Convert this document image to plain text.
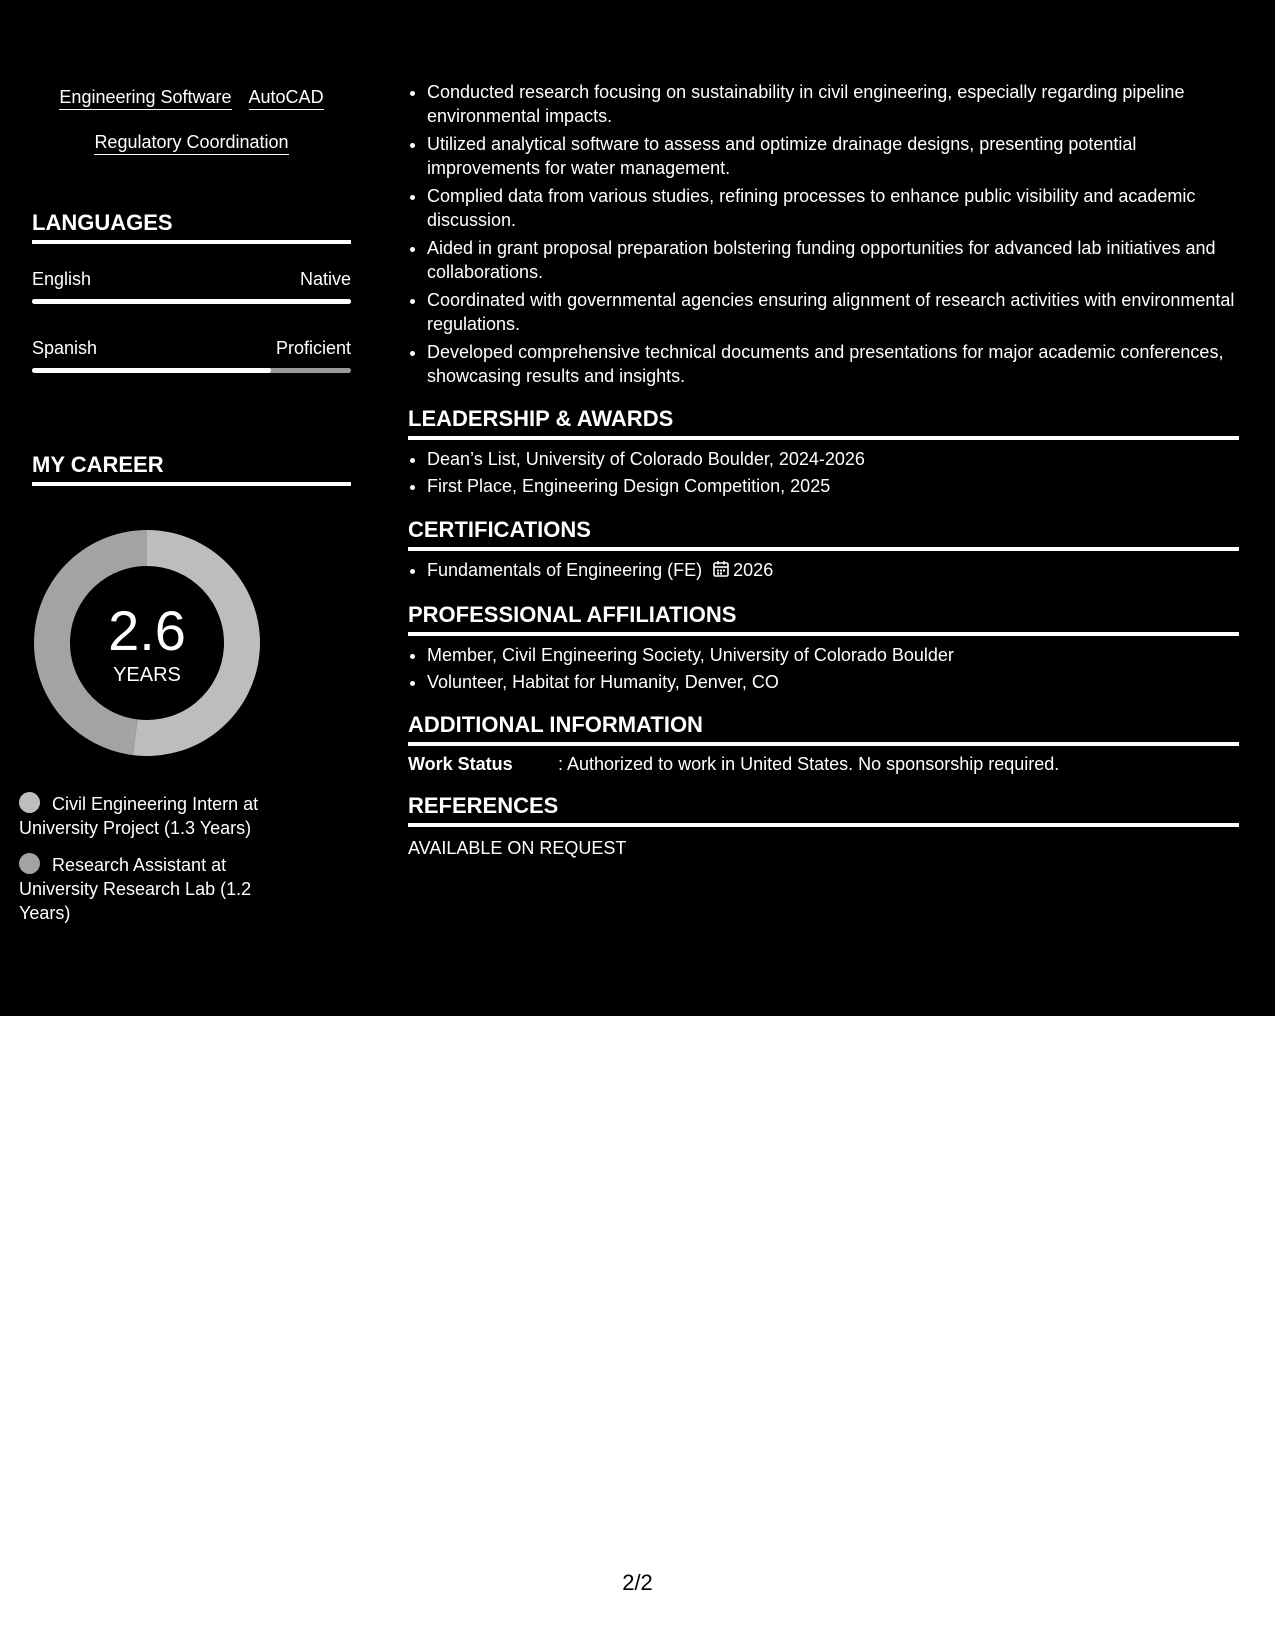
Engineering Software AutoCAD
Regulatory Coordination
LANGUAGES
English	Native
Spanish	Proficient
MY CAREER
2.6
YEARS
Civil Engineering Intern at University Project (1.3 Years)
Research Assistant at University Research Lab (1.2 Years)
• Conducted research focusing on sustainability in civil engineering, especially regarding pipeline environmental impacts.
• Utilized analytical software to assess and optimize drainage designs, presenting potential improvements for water management.
• Complied data from various studies, refining processes to enhance public visibility and academic discussion.
• Aided in grant proposal preparation bolstering funding opportunities for advanced lab initiatives and collaborations.
• Coordinated with governmental agencies ensuring alignment of research activities with environmental regulations.
• Developed comprehensive technical documents and presentations for major academic conferences, showcasing results and insights.
LEADERSHIP & AWARDS
• Dean’s List, University of Colorado Boulder, 2024-2026
• First Place, Engineering Design Competition, 2025
CERTIFICATIONS
• Fundamentals of Engineering (FE) 2026
PROFESSIONAL AFFILIATIONS
• Member, Civil Engineering Society, University of Colorado Boulder
• Volunteer, Habitat for Humanity, Denver, CO
ADDITIONAL INFORMATION
Work Status	: Authorized to work in United States. No sponsorship required.
REFERENCES
AVAILABLE ON REQUEST
2/2
